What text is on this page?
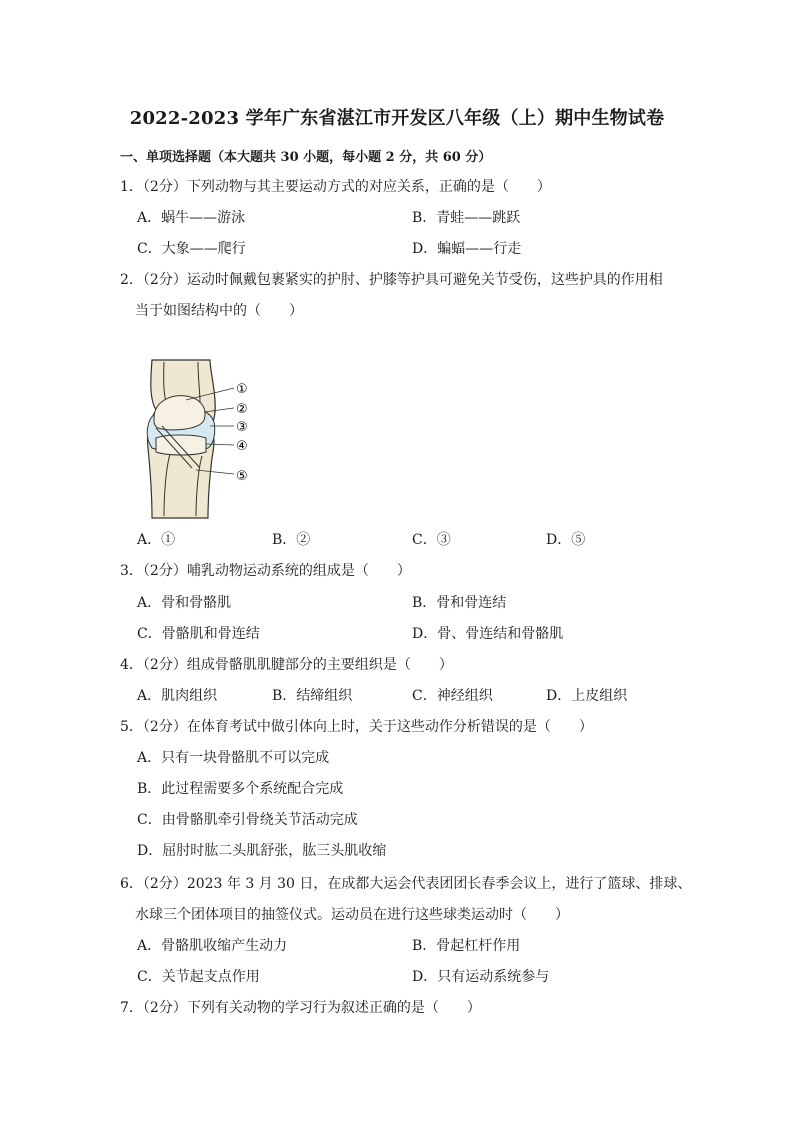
2022-2023 学年广东省湛江市开发区八年级（上）期中生物试卷
一、单项选择题（本大题共 30 小题，每小题 2 分，共 60 分）
1．（2分）下列动物与其主要运动方式的对应关系，正确的是（　　）
A．蜗牛——游泳	B．青蛙——跳跃
C．大象——爬行	D．蝙蝠——行走
2．（2分）运动时佩戴包裹紧实的护肘、护膝等护具可避免关节受伤，这些护具的作用相
当于如图结构中的（　　）
①
②
③
④
⑤
A．①	B．②	C．③	D．⑤
3．（2分）哺乳动物运动系统的组成是（　　）
A．骨和骨骼肌	B．骨和骨连结
C．骨骼肌和骨连结	D．骨、骨连结和骨骼肌
4．（2分）组成骨骼肌肌腱部分的主要组织是（　　）
A．肌肉组织	B．结缔组织	C．神经组织	D．上皮组织
5．（2分）在体育考试中做引体向上时，关于这些动作分析错误的是（　　）
A．只有一块骨骼肌不可以完成
B．此过程需要多个系统配合完成
C．由骨骼肌牵引骨绕关节活动完成
D．屈肘时肱二头肌舒张，肱三头肌收缩
6．（2分）2023 年 3 月 30 日，在成都大运会代表团团长春季会议上，进行了篮球、排球、
水球三个团体项目的抽签仪式。运动员在进行这些球类运动时（　　）
A．骨骼肌收缩产生动力	B．骨起杠杆作用
C．关节起支点作用	D．只有运动系统参与
7．（2分）下列有关动物的学习行为叙述正确的是（　　）
